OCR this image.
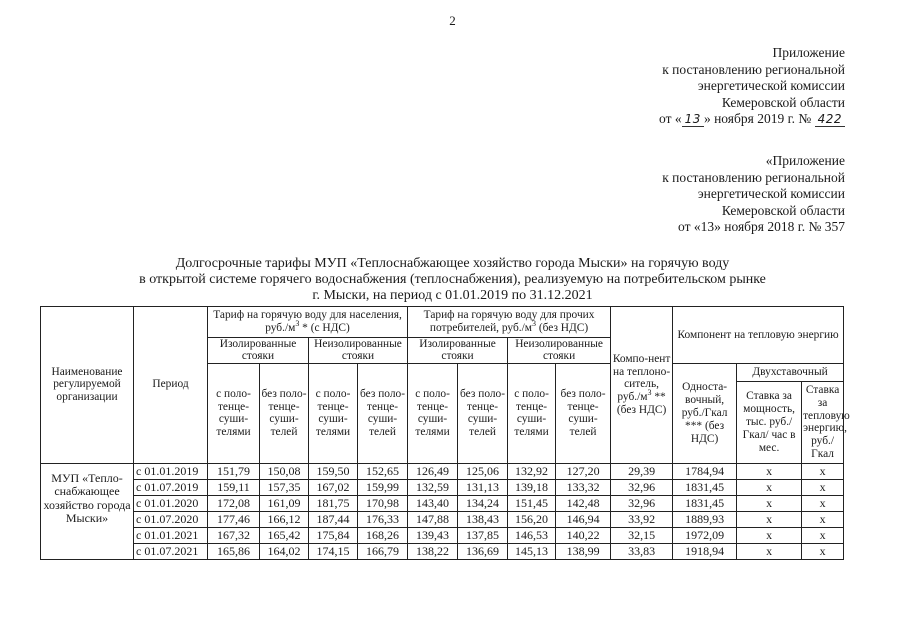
2
Приложение
к постановлению региональной
энергетической комиссии
Кемеровской области
от « 13 » ноября 2019 г. № 422
«Приложение
к постановлению региональной
энергетической комиссии
Кемеровской области
от «13» ноября 2018 г. № 357
Долгосрочные тарифы МУП «Теплоснабжающее хозяйство города Мыски» на горячую воду
в открытой системе горячего водоснабжения (теплоснабжения), реализуемую на потребительском рынке
г. Мыски, на период с 01.01.2019 по 31.12.2021
Наименование регулируемой организации	Период	Тариф на горячую воду для населения, $руб./м^3 * (с$ НДС)				Тариф на горячую воду для прочих потребителей, $руб./м^3$ (без НДС)				Компо-нент на теплоно-ситель, $руб./м^3 ** (без$ НДС)	Компонент на тепловую энергию		
		Изолированные стояки		Неизолированные стояки		Изолированные стояки		Неизолированные стояки					
		с поло-тенце-суши-телями	без поло-тенце-суши-телей	с поло-тенце-суши-телями	без поло-тенце-суши-телей	с поло-тенце-суши-телями	без поло-тенце-суши-телей	с поло-тенце-суши-телями	без поло-тенце-суши-телей		Односта-вочный, руб./Гкал *** (без НДС)	Двухставочный	
												Ставка за мощность, тыс. руб./ Гкал/ час в мес.	Ставка за тепловую энергию, руб./Гкал
МУП «Тепло-снабжающее хозяйство города Мыски»	с 01.01.2019	151,79	150,08	159,50	152,65	126,49	125,06	132,92	127,20	29,39	1784,94	х	х
	с 01.07.2019	159,11	157,35	167,02	159,99	132,59	131,13	139,18	133,32	32,96	1831,45	х	х
	с 01.01.2020	172,08	161,09	181,75	170,98	143,40	134,24	151,45	142,48	32,96	1831,45	х	х
	с 01.07.2020	177,46	166,12	187,44	176,33	147,88	138,43	156,20	146,94	33,92	1889,93	х	х
	с 01.01.2021	167,32	165,42	175,84	168,26	139,43	137,85	146,53	140,22	32,15	1972,09	х	х
	с 01.07.2021	165,86	164,02	174,15	166,79	138,22	136,69	145,13	138,99	33,83	1918,94	х	х
